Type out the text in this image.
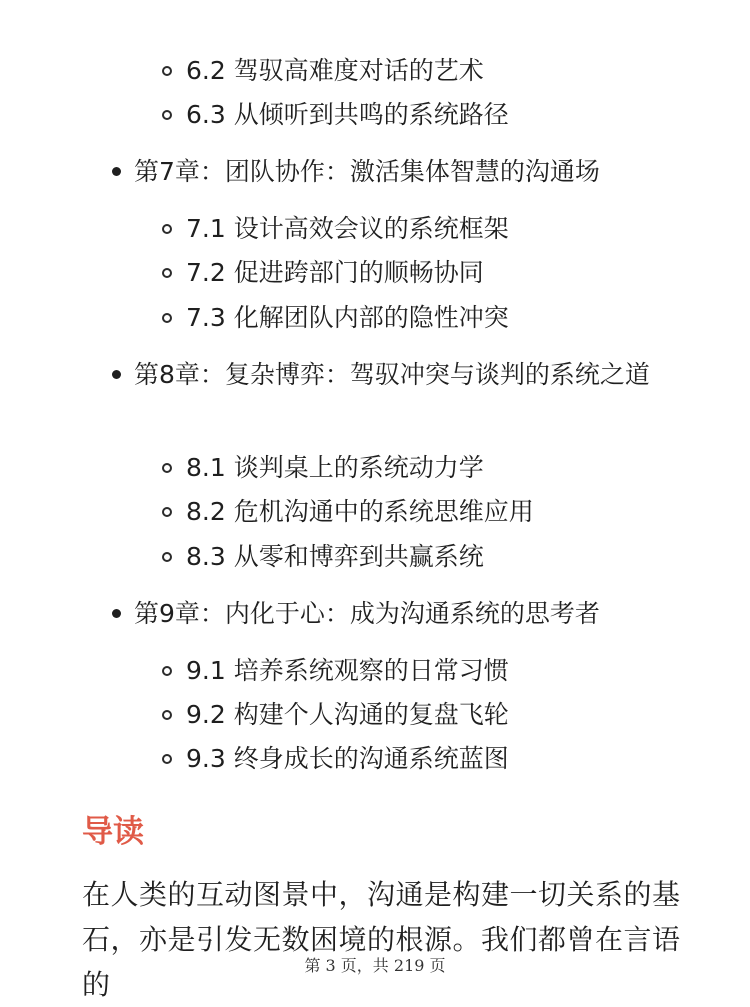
6.2 驾驭高难度对话的艺术
6.3 从倾听到共鸣的系统路径
第7章：团队协作：激活集体智慧的沟通场
7.1 设计高效会议的系统框架
7.2 促进跨部门的顺畅协同
7.3 化解团队内部的隐性冲突
第8章：复杂博弈：驾驭冲突与谈判的系统之道
8.1 谈判桌上的系统动力学
8.2 危机沟通中的系统思维应用
8.3 从零和博弈到共赢系统
第9章：内化于心：成为沟通系统的思考者
9.1 培养系统观察的日常习惯
9.2 构建个人沟通的复盘飞轮
9.3 终身成长的沟通系统蓝图
导读
在人类的互动图景中，沟通是构建一切关系的基石，亦是引发无数困境的根源。我们都曾在言语的
第 3 页，共 219 页
